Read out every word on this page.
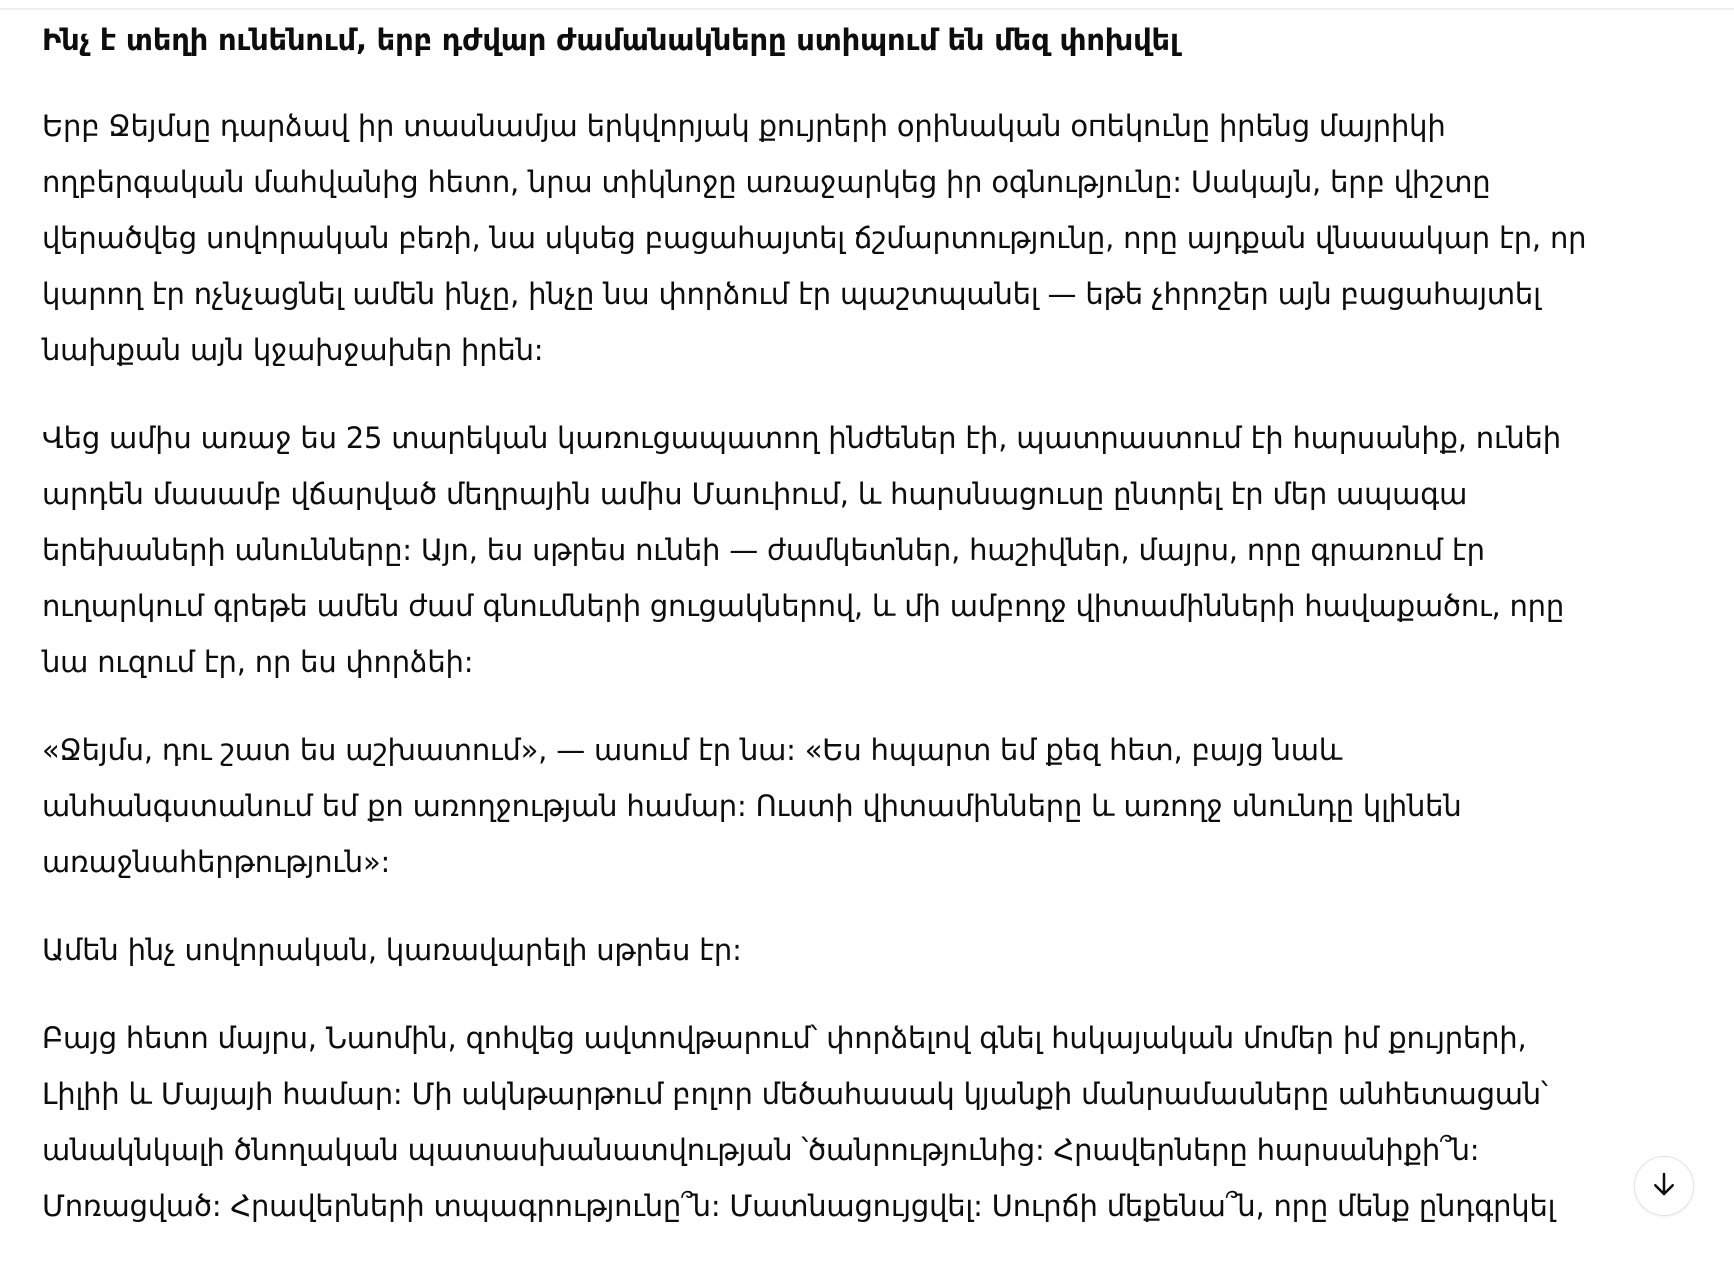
Ինչ է տեղի ունենում, երբ դժվար ժամանակները ստիպում են մեզ փոխվել

Երբ Ջեյմսը դարձավ իր տասնամյա երկվորյակ քույրերի օրինական опեկունը իրենց մայրիկի
ողբերգական մահվանից հետո, նրա տիկնոջը առաջարկեց իր օգնությունը: Սակայն, երբ վիշտը
վերածվեց սովորական բեռի, նա սկսեց բացահայտել ճշմարտությունը, որը այդքան վնասակար էր, որ
կարող էր ոչնչացնել ամեն ինչը, ինչը նա փորձում էր պաշտպանել — եթե չհրոշեր այն բացահայտել
նախքան այն կջախջախեր իրեն:

Վեց ամիս առաջ ես 25 տարեկան կառուցապատող ինժեներ էի, պատրաստում էի հարսանիք, ունեի
արդեն մասամբ վճարված մեղրային ամիս Մաուիում, և հարսնացուսը ընտրել էր մեր ապագա
երեխաների անունները: Այո, ես սթրես ունեի — ժամկետներ, հաշիվներ, մայրս, որը գրառում էր
ուղարկում գրեթե ամեն ժամ գնումների ցուցակներով, և մի ամբողջ վիտամինների հավաքածու, որը
նա ուզում էր, որ ես փորձեի:

«Ջեյմս, դու շատ ես աշխատում», — ասում էր նա: «Ես հպարտ եմ քեզ հետ, բայց նաև
անհանգստանում եմ քո առողջության համար: Ուստի վիտամինները և առողջ սնունդը կլինեն
առաջնահերթություն»:

Ամեն ինչ սովորական, կառավարելի սթրես էր:

Բայց հետո մայրս, Նաոմին, զոհվեց ավտովթարում՝ փորձելով գնել հսկայական մոմեր իմ քույրերի,
Լիլիի և Մայայի համար: Մի ակնթարթում բոլոր մեծահասակ կյանքի մանրամասները անհետացան՝
անակնկալի ծնողական պատասխանատվության ՝ծանրությունից: Հրավերները հարսանիքի՞ն:
Մոռացված: Հրավերների տպագրությունը՞ն: Մատնացույցվել: Սուրճի մեքենա՞ն, որը մենք ընդգրկել
